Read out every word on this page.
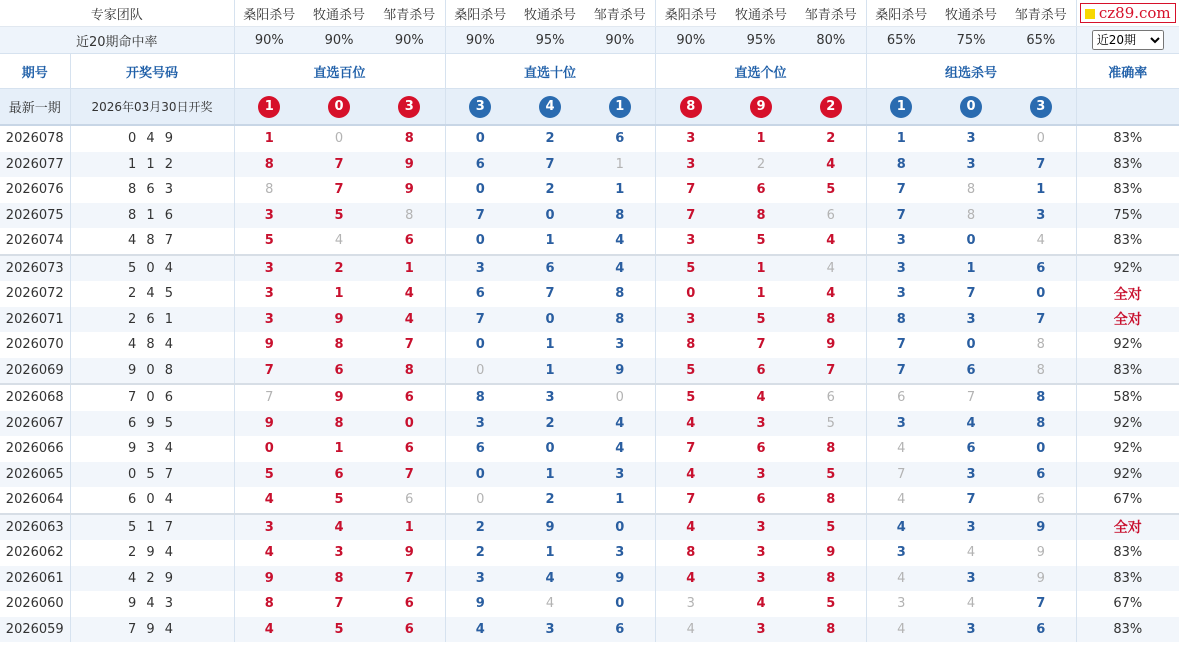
专家团队		桑阳杀号	牧通杀号	邹青杀号	桑阳杀号	牧通杀号	邹青杀号	桑阳杀号	牧通杀号	邹青杀号	桑阳杀号	牧通杀号	邹青杀号	cz89.com
近20期命中率		90%	90%	90%	90%	95%	90%	90%	95%	80%	65%	75%	65%	
近20期
期号	开奖号码	直选百位			直选十位			直选个位			组选杀号			准确率
最新一期	2026年03月30日开奖	1	0	3	3	4	1	8	9	2	1	0	3	
2026078	0 4 9	1	0	8	0	2	6	3	1	2	1	3	0	83%
2026077	1 1 2	8	7	9	6	7	1	3	2	4	8	3	7	83%
2026076	8 6 3	8	7	9	0	2	1	7	6	5	7	8	1	83%
2026075	8 1 6	3	5	8	7	0	8	7	8	6	7	8	3	75%
2026074	4 8 7	5	4	6	0	1	4	3	5	4	3	0	4	83%
2026073	5 0 4	3	2	1	3	6	4	5	1	4	3	1	6	92%
2026072	2 4 5	3	1	4	6	7	8	0	1	4	3	7	0	全对
2026071	2 6 1	3	9	4	7	0	8	3	5	8	8	3	7	全对
2026070	4 8 4	9	8	7	0	1	3	8	7	9	7	0	8	92%
2026069	9 0 8	7	6	8	0	1	9	5	6	7	7	6	8	83%
2026068	7 0 6	7	9	6	8	3	0	5	4	6	6	7	8	58%
2026067	6 9 5	9	8	0	3	2	4	4	3	5	3	4	8	92%
2026066	9 3 4	0	1	6	6	0	4	7	6	8	4	6	0	92%
2026065	0 5 7	5	6	7	0	1	3	4	3	5	7	3	6	92%
2026064	6 0 4	4	5	6	0	2	1	7	6	8	4	7	6	67%
2026063	5 1 7	3	4	1	2	9	0	4	3	5	4	3	9	全对
2026062	2 9 4	4	3	9	2	1	3	8	3	9	3	4	9	83%
2026061	4 2 9	9	8	7	3	4	9	4	3	8	4	3	9	83%
2026060	9 4 3	8	7	6	9	4	0	3	4	5	3	4	7	67%
2026059	7 9 4	4	5	6	4	3	6	4	3	8	4	3	6	83%
